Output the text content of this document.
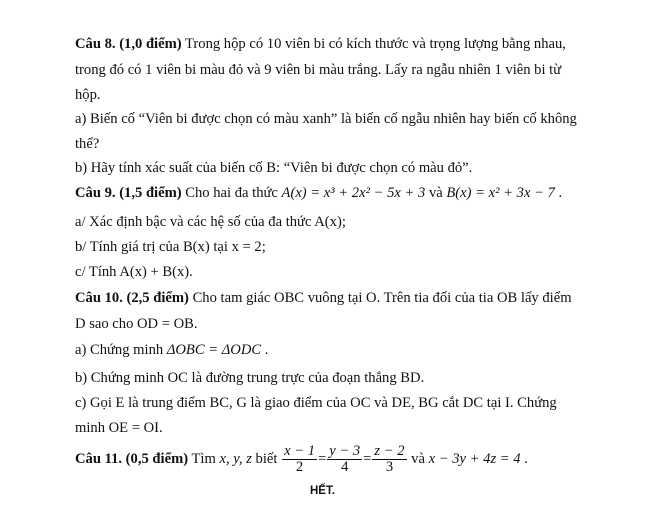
Câu 8. (1,0 điểm) Trong hộp có 10 viên bi có kích thước và trọng lượng bằng nhau,
trong đó có 1 viên bi màu đỏ và 9 viên bi màu trắng. Lấy ra ngẫu nhiên 1 viên bi từ
hộp.
a) Biến cố “Viên bi được chọn có màu xanh” là biến cố ngẫu nhiên hay biến cố không
thể?
b) Hãy tính xác suất của biến cố B: “Viên bi được chọn có màu đỏ”.
Câu 9. (1,5 điểm) Cho hai đa thức A(x) = x³ + 2x² − 5x + 3 và B(x) = x² + 3x − 7 .
a/ Xác định bậc và các hệ số của đa thức A(x);
b/ Tính giá trị của B(x) tại x = 2;
c/ Tính A(x) + B(x).
Câu 10. (2,5 điểm) Cho tam giác OBC vuông tại O. Trên tia đối của tia OB lấy điểm
D sao cho OD = OB.
a) Chứng minh ΔOBC = ΔODC .
b) Chứng minh OC là đường trung trực của đoạn thẳng BD.
c) Gọi E là trung điểm BC, G là giao điểm của OC và DE, BG cắt DC tại I. Chứng
minh OE = OI.
Câu 11. (0,5 điểm) Tìm x, y, z biết $\frac{x - 1}{2} = \frac{y - 3}{4} = \frac{z - 2}{3}$ và x − 3y + 4z = 4 .
HẾT.
